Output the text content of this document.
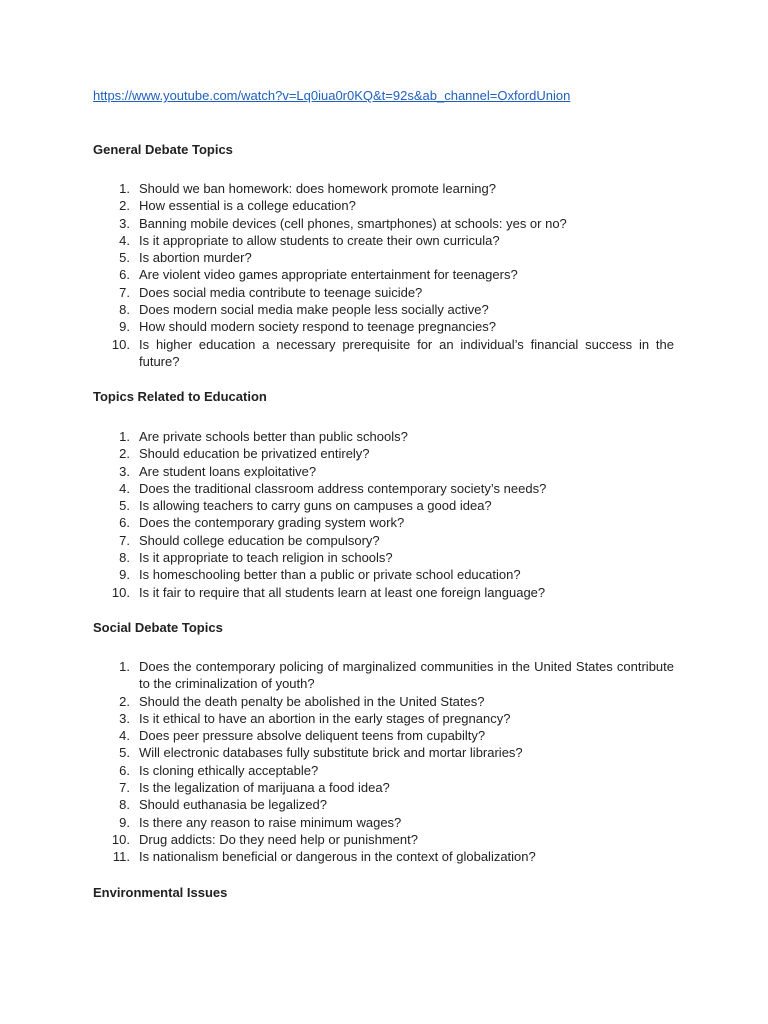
https://www.youtube.com/watch?v=Lq0iua0r0KQ&t=92s&ab_channel=OxfordUnion
General Debate Topics
1. Should we ban homework: does homework promote learning?
2. How essential is a college education?
3. Banning mobile devices (cell phones, smartphones) at schools: yes or no?
4. Is it appropriate to allow students to create their own curricula?
5. Is abortion murder?
6. Are violent video games appropriate entertainment for teenagers?
7. Does social media contribute to teenage suicide?
8. Does modern social media make people less socially active?
9. How should modern society respond to teenage pregnancies?
10. Is higher education a necessary prerequisite for an individual’s financial success in the future?
Topics Related to Education
1. Are private schools better than public schools?
2. Should education be privatized entirely?
3. Are student loans exploitative?
4. Does the traditional classroom address contemporary society’s needs?
5. Is allowing teachers to carry guns on campuses a good idea?
6. Does the contemporary grading system work?
7. Should college education be compulsory?
8. Is it appropriate to teach religion in schools?
9. Is homeschooling better than a public or private school education?
10. Is it fair to require that all students learn at least one foreign language?
Social Debate Topics
1. Does the contemporary policing of marginalized communities in the United States contribute to the criminalization of youth?
2. Should the death penalty be abolished in the United States?
3. Is it ethical to have an abortion in the early stages of pregnancy?
4. Does peer pressure absolve deliquent teens from cupabilty?
5. Will electronic databases fully substitute brick and mortar libraries?
6. Is cloning ethically acceptable?
7. Is the legalization of marijuana a food idea?
8. Should euthanasia be legalized?
9. Is there any reason to raise minimum wages?
10. Drug addicts: Do they need help or punishment?
11. Is nationalism beneficial or dangerous in the context of globalization?
Environmental Issues
